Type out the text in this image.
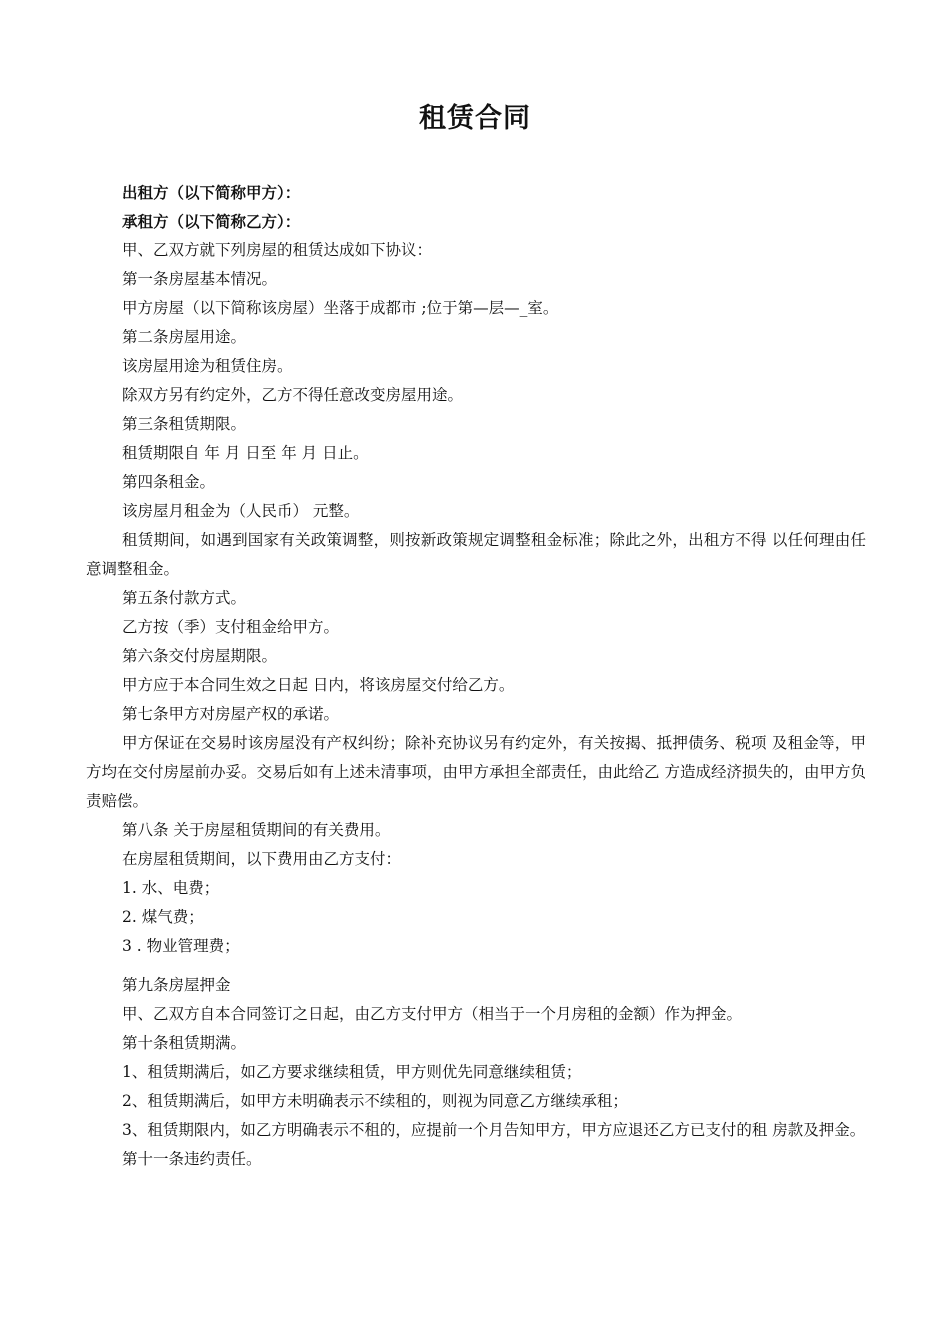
租赁合同

出租方（以下简称甲方）：

承租方（以下简称乙方）：

甲、乙双方就下列房屋的租赁达成如下协议：

第一条房屋基本情况。

甲方房屋（以下简称该房屋）坐落于成都市 ;位于第—层—_室。

第二条房屋用途。

该房屋用途为租赁住房。

除双方另有约定外，乙方不得任意改变房屋用途。

第三条租赁期限。

租赁期限自 年 月 日至 年 月 日止。

第四条租金。

该房屋月租金为（人民币） 元整。

租赁期间，如遇到国家有关政策调整，则按新政策规定调整租金标准；除此之外，出租方不得 以任何理由任意调整租金。

第五条付款方式。

乙方按（季）支付租金给甲方。

第六条交付房屋期限。

甲方应于本合同生效之日起 日内，将该房屋交付给乙方。

第七条甲方对房屋产权的承诺。

甲方保证在交易时该房屋没有产权纠纷；除补充协议另有约定外，有关按揭、抵押债务、税项 及租金等，甲方均在交付房屋前办妥。交易后如有上述未清事项，由甲方承担全部责任，由此给乙 方造成经济损失的，由甲方负责赔偿。

第八条 关于房屋租赁期间的有关费用。

在房屋租赁期间，以下费用由乙方支付：

1. 水、电费；

2. 煤气费；

3 . 物业管理费；

第九条房屋押金

甲、乙双方自本合同签订之日起，由乙方支付甲方（相当于一个月房租的金额）作为押金。

第十条租赁期满。

1、租赁期满后，如乙方要求继续租赁，甲方则优先同意继续租赁；

2、租赁期满后，如甲方未明确表示不续租的，则视为同意乙方继续承租；

3、租赁期限内，如乙方明确表示不租的，应提前一个月告知甲方，甲方应退还乙方已支付的租 房款及押金。

第十一条违约责任。
